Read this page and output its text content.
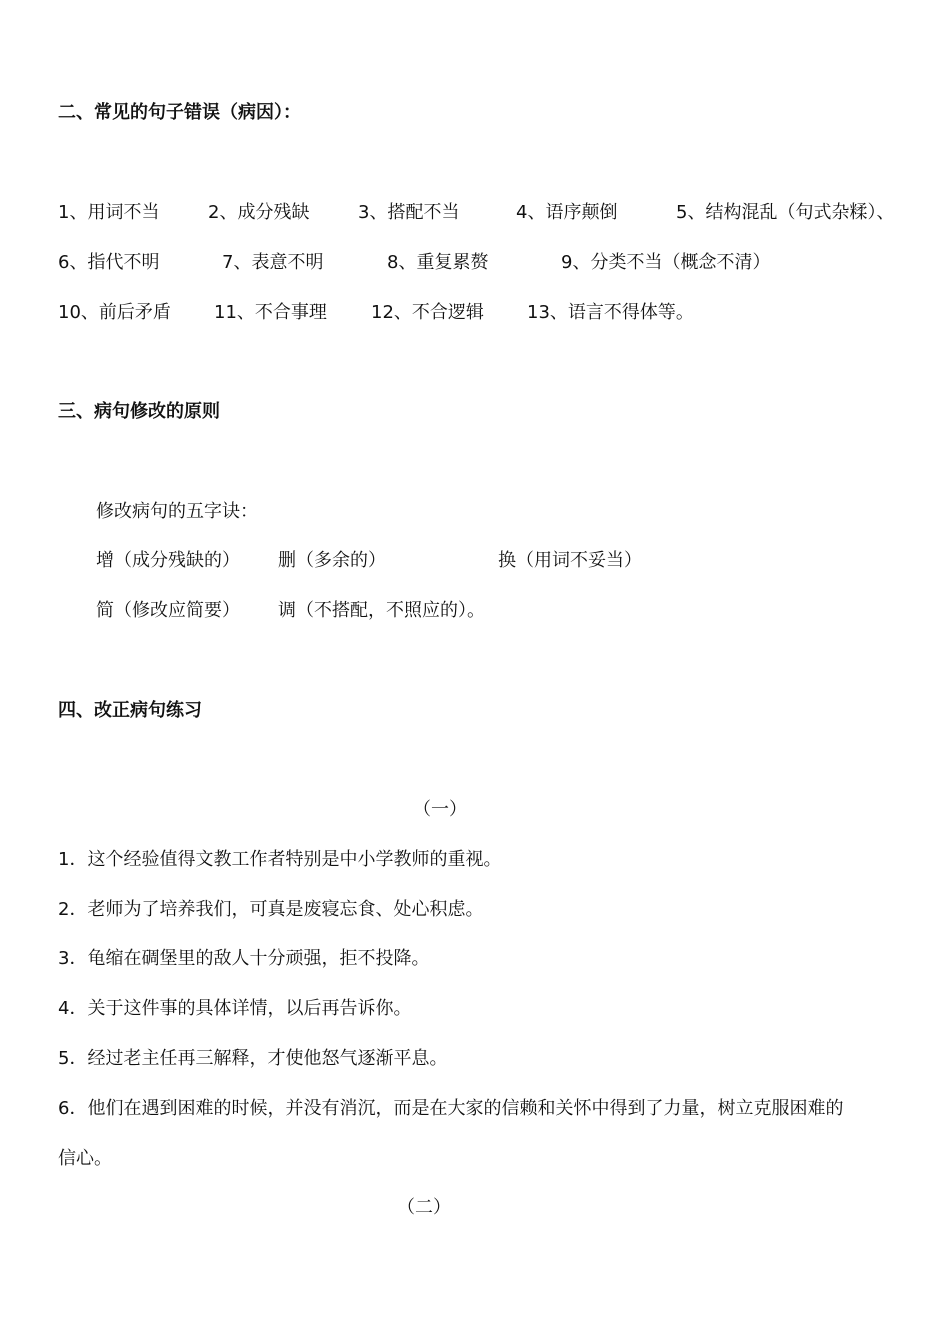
二、常见的句子错误（病因）：
1、用词不当	2、成分残缺	3、搭配不当	4、语序颠倒	5、结构混乱（句式杂糅）、
6、指代不明	7、表意不明	8、重复累赘	9、分类不当（概念不清）
10、前后矛盾 11、不合事理 12、不合逻辑 13、语言不得体等。
三、病句修改的原则
修改病句的五字诀：
增（成分残缺的） 删（多余的）	换（用词不妥当）
简（修改应简要） 调（不搭配，不照应的）。
四、改正病句练习
（一）
1．这个经验值得文教工作者特别是中小学教师的重视。
2．老师为了培养我们，可真是废寝忘食、处心积虑。
3．龟缩在碉堡里的敌人十分顽强，拒不投降。
4．关于这件事的具体详情，以后再告诉你。
5．经过老主任再三解释，才使他怒气逐渐平息。
6．他们在遇到困难的时候，并没有消沉，而是在大家的信赖和关怀中得到了力量，树立克服困难的
信心。
（二）
